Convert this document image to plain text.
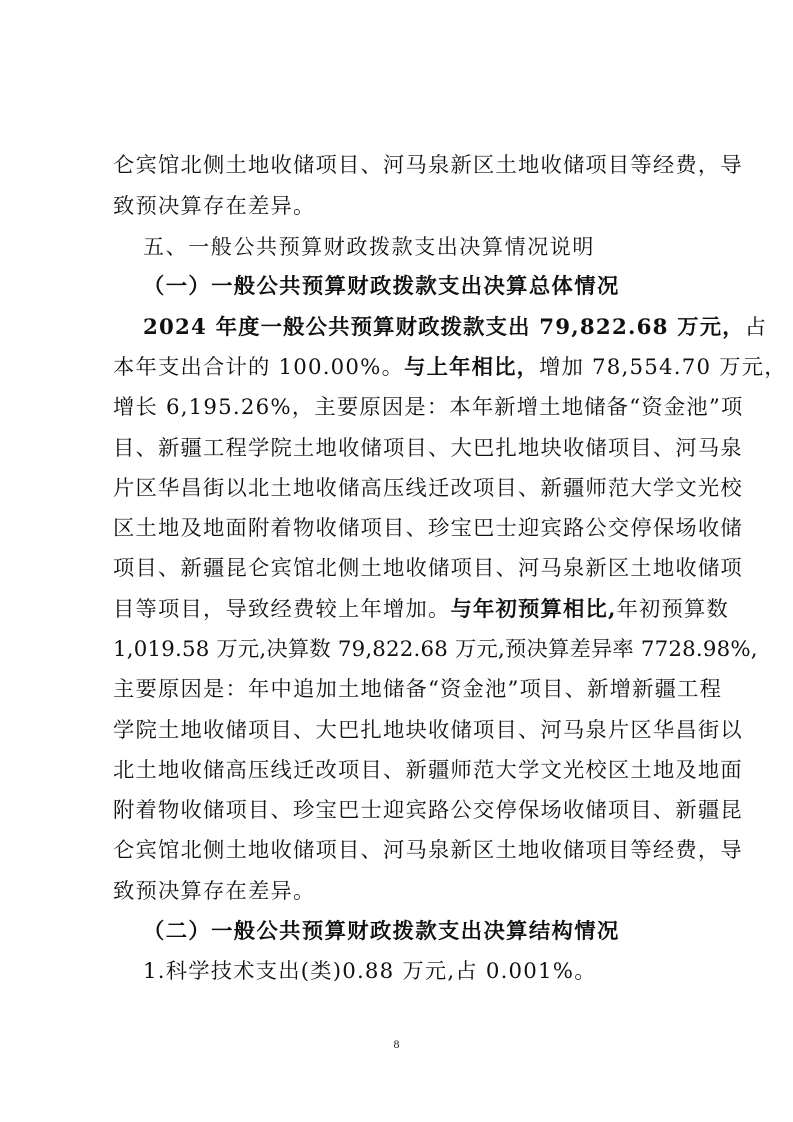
仑宾馆北侧土地收储项目、河马泉新区土地收储项目等经费，导
致预决算存在差异。
五、一般公共预算财政拨款支出决算情况说明
（一）一般公共预算财政拨款支出决算总体情况
2024 年度一般公共预算财政拨款支出 79,822.68 万元，占
本年支出合计的 100.00%。与上年相比，增加 78,554.70 万元，
增长 6,195.26%，主要原因是：本年新增土地储备“资金池”项
目、新疆工程学院土地收储项目、大巴扎地块收储项目、河马泉
片区华昌街以北土地收储高压线迁改项目、新疆师范大学文光校
区土地及地面附着物收储项目、珍宝巴士迎宾路公交停保场收储
项目、新疆昆仑宾馆北侧土地收储项目、河马泉新区土地收储项
目等项目，导致经费较上年增加。与年初预算相比,年初预算数
1,019.58 万元,决算数 79,822.68 万元,预决算差异率 7728.98%,
主要原因是：年中追加土地储备“资金池”项目、新增新疆工程
学院土地收储项目、大巴扎地块收储项目、河马泉片区华昌街以
北土地收储高压线迁改项目、新疆师范大学文光校区土地及地面
附着物收储项目、珍宝巴士迎宾路公交停保场收储项目、新疆昆
仑宾馆北侧土地收储项目、河马泉新区土地收储项目等经费，导
致预决算存在差异。
（二）一般公共预算财政拨款支出决算结构情况
1.科学技术支出(类)0.88 万元,占 0.001%。
8
